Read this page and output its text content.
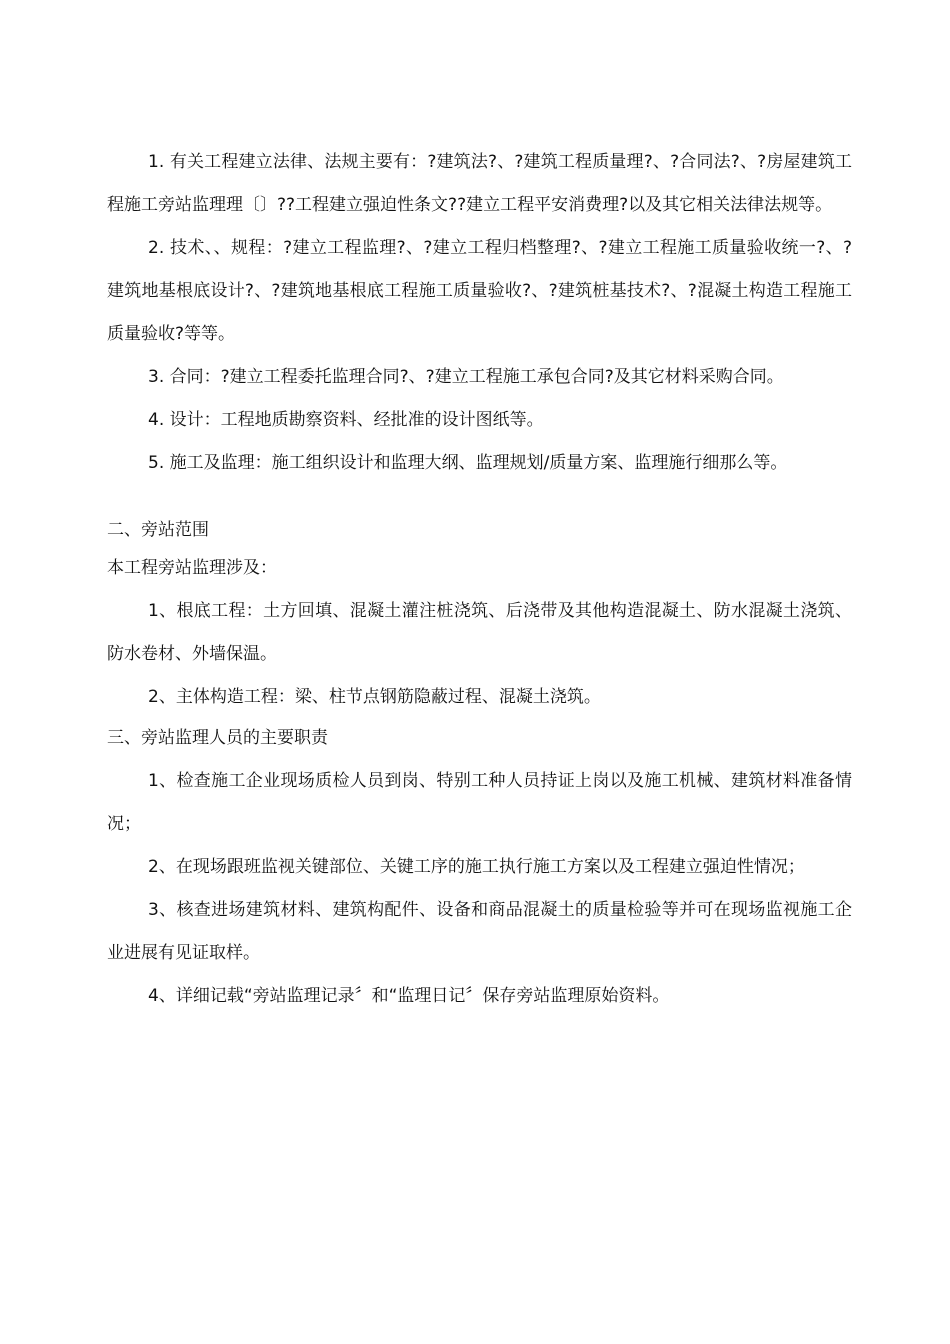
1. 有关工程建立法律、法规主要有：?建筑法?、?建筑工程质量理?、?合同法?、?房屋建筑工程施工旁站监理理〔〕??工程建立强迫性条文??建立工程平安消费理?以及其它相关法律法规等。

2. 技术、、规程：?建立工程监理?、?建立工程归档整理?、?建立工程施工质量验收统一?、?建筑地基根底设计?、?建筑地基根底工程施工质量验收?、?建筑桩基技术?、?混凝土构造工程施工质量验收?等等。

3. 合同：?建立工程委托监理合同?、?建立工程施工承包合同?及其它材料采购合同。

4. 设计：工程地质勘察资料、经批准的设计图纸等。

5. 施工及监理：施工组织设计和监理大纲、监理规划/质量方案、监理施行细那么等。

二、旁站范围

本工程旁站监理涉及：

1、根底工程：土方回填、混凝土灌注桩浇筑、后浇带及其他构造混凝土、防水混凝土浇筑、防水卷材、外墙保温。

2、主体构造工程：梁、柱节点钢筋隐蔽过程、混凝土浇筑。

三、旁站监理人员的主要职责

1、检查施工企业现场质检人员到岗、特别工种人员持证上岗以及施工机械、建筑材料准备情况；

2、在现场跟班监视关键部位、关键工序的施工执行施工方案以及工程建立强迫性情况；

3、核查进场建筑材料、建筑构配件、设备和商品混凝土的质量检验等并可在现场监视施工企业进展有见证取样。

4、详细记载“旁站监理记录〞和“监理日记〞保存旁站监理原始资料。
